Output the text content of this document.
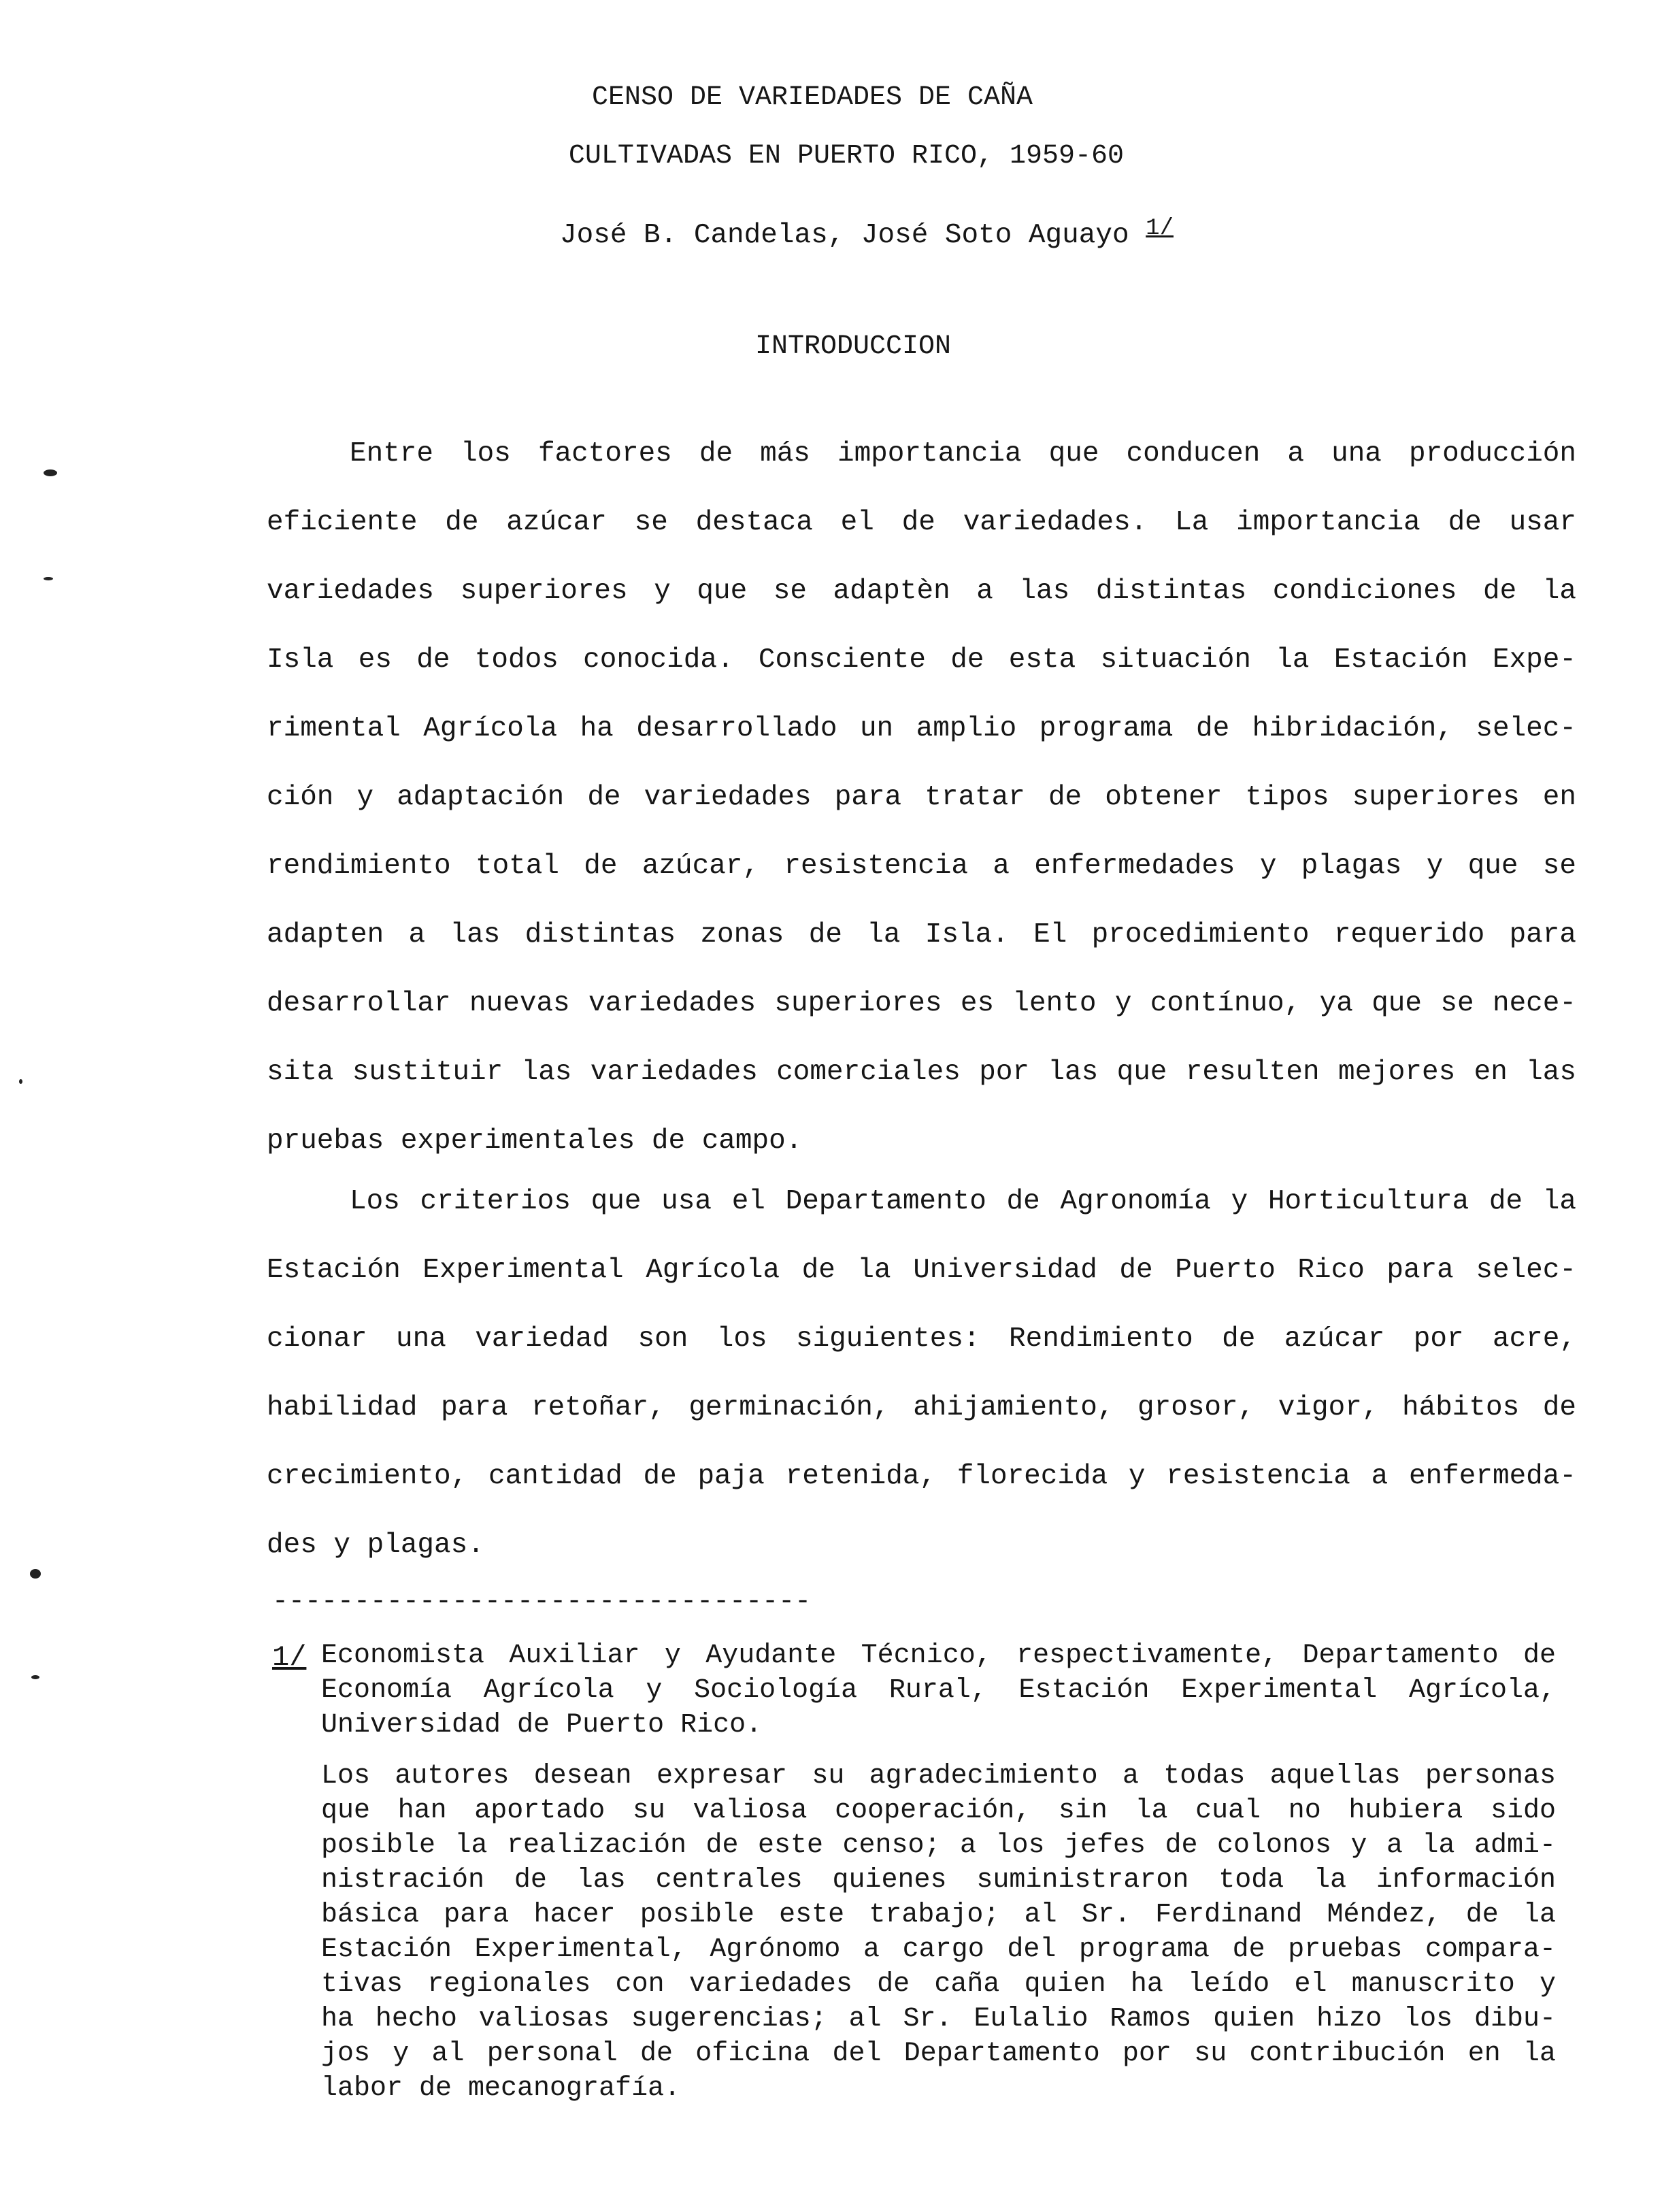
CENSO DE VARIEDADES DE CAÑA
CULTIVADAS EN PUERTO RICO, 1959-60
José B. Candelas, José Soto Aguayo $^{1/}$
INTRODUCCION
Entre los factores de más importancia que conducen a una producción
eficiente de azúcar se destaca el de variedades. La importancia de usar
variedades superiores y que se adaptèn a las distintas condiciones de la
Isla es de todos conocida. Consciente de esta situación la Estación Expe-
rimental Agrícola ha desarrollado un amplio programa de hibridación, selec-
ción y adaptación de variedades para tratar de obtener tipos superiores en
rendimiento total de azúcar, resistencia a enfermedades y plagas y que se
adapten a las distintas zonas de la Isla. El procedimiento requerido para
desarrollar nuevas variedades superiores es lento y contínuo, ya que se nece-
sita sustituir las variedades comerciales por las que resulten mejores en las
pruebas experimentales de campo.
Los criterios que usa el Departamento de Agronomía y Horticultura de la
Estación Experimental Agrícola de la Universidad de Puerto Rico para selec-
cionar una variedad son los siguientes: Rendimiento de azúcar por acre,
habilidad para retoñar, germinación, ahijamiento, grosor, vigor, hábitos de
crecimiento, cantidad de paja retenida, florecida y resistencia a enfermeda-
des y plagas.
---------------------------------
1/ Economista Auxiliar y Ayudante Técnico, respectivamente, Departamento de
Economía Agrícola y Sociología Rural, Estación Experimental Agrícola,
Universidad de Puerto Rico.
Los autores desean expresar su agradecimiento a todas aquellas personas
que han aportado su valiosa cooperación, sin la cual no hubiera sido
posible la realización de este censo; a los jefes de colonos y a la admi-
nistración de las centrales quienes suministraron toda la información
básica para hacer posible este trabajo; al Sr. Ferdinand Méndez, de la
Estación Experimental, Agrónomo a cargo del programa de pruebas compara-
tivas regionales con variedades de caña quien ha leído el manuscrito y
ha hecho valiosas sugerencias; al Sr. Eulalio Ramos quien hizo los dibu-
jos y al personal de oficina del Departamento por su contribución en la
labor de mecanografía.
